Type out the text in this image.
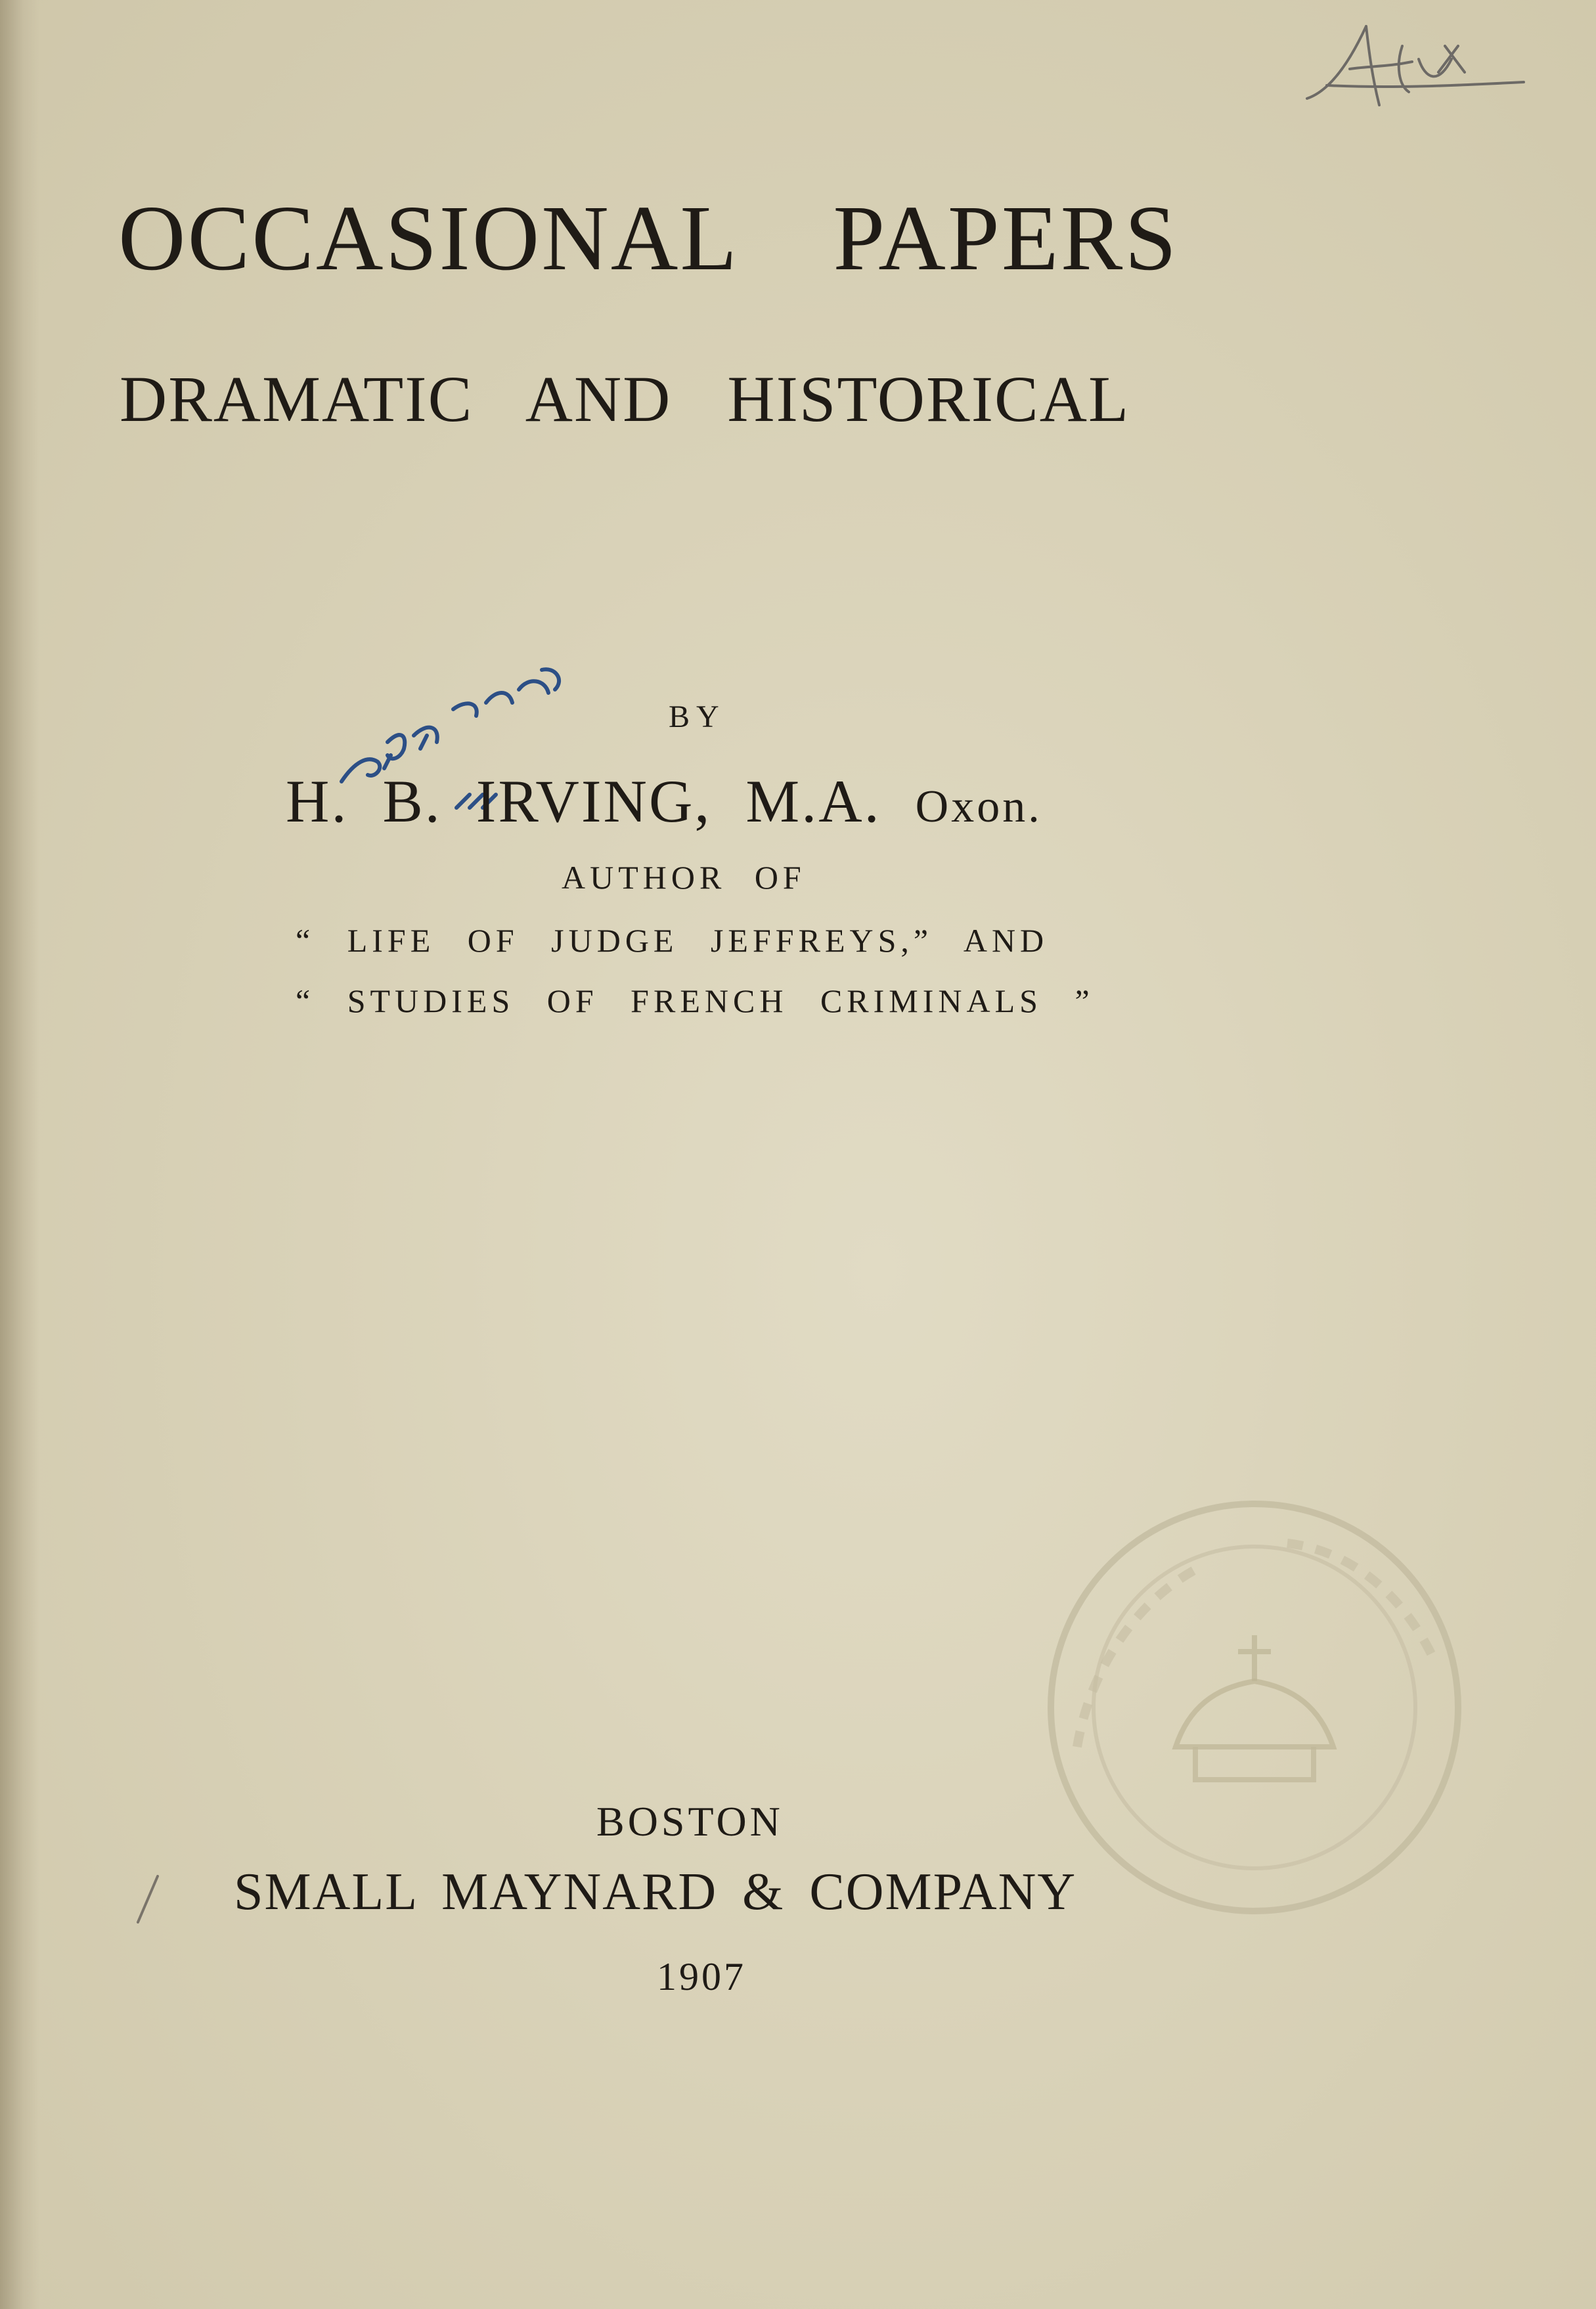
OCCASIONAL PAPERS
DRAMATIC AND HISTORICAL
BY
H. B. IRVING, M.A. Oxon.
AUTHOR OF
“ LIFE OF JUDGE JEFFREYS,” AND
“ STUDIES OF FRENCH CRIMINALS ”
BOSTON
SMALL MAYNARD & COMPANY
1907
